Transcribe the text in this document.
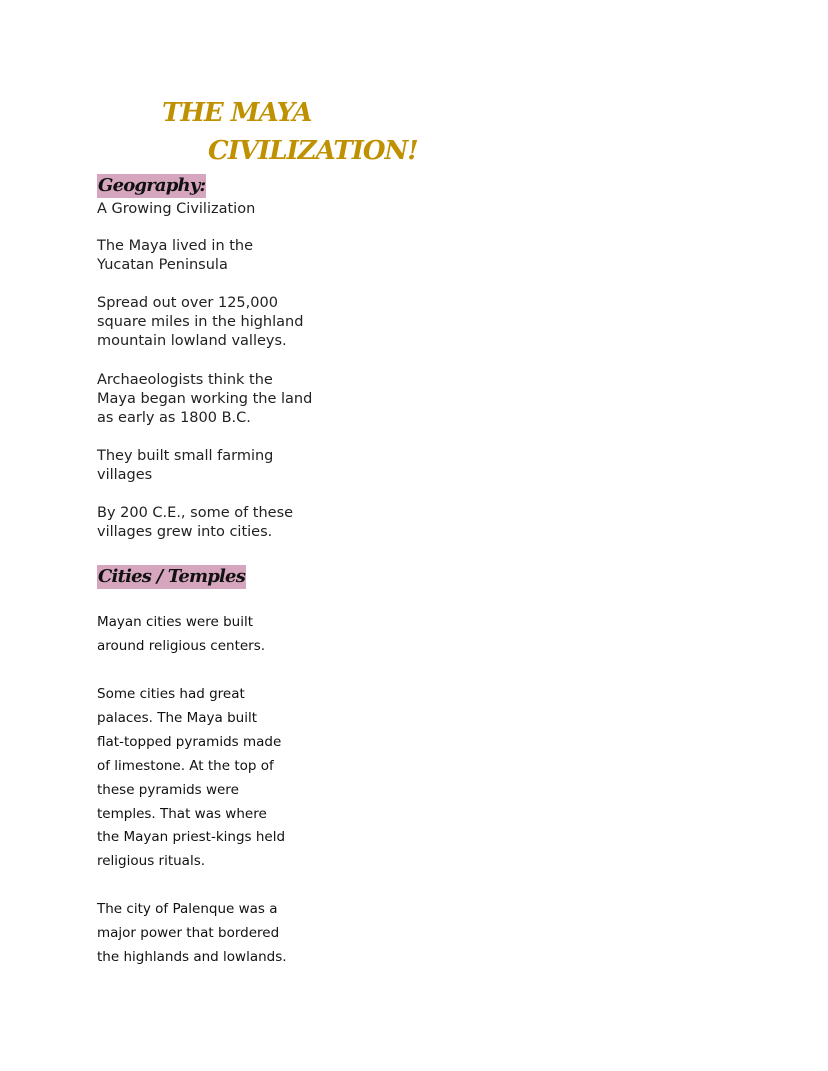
THE MAYA
CIVILIZATION!
Geography:
A Growing Civilization
The Maya lived in the
Yucatan Peninsula
Spread out over 125,000
square miles in the highland
mountain lowland valleys.
Archaeologists think the
Maya began working the land
as early as 1800 B.C.
They built small farming
villages
By 200 C.E., some of these
villages grew into cities.
Cities / Temples
Mayan cities were built
around religious centers.
Some cities had great
palaces. The Maya built
flat-topped pyramids made
of limestone. At the top of
these pyramids were
temples. That was where
the Mayan priest-kings held
religious rituals.
The city of Palenque was a
major power that bordered
the highlands and lowlands.
